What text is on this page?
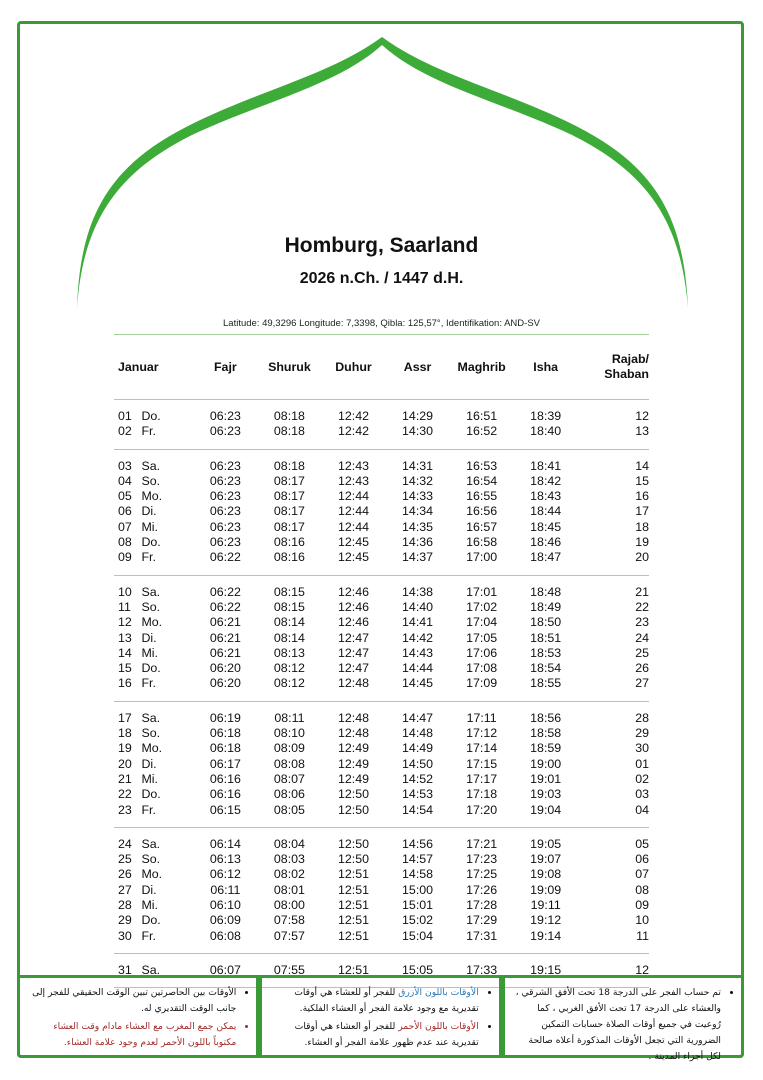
Homburg, Saarland
2026 n.Ch. / 1447 d.H.
Latitude: 49,3296 Longitude: 7,3398, Qibla: 125,57°, Identifikation: AND-SV
Januar	Fajr	Shuruk	Duhur	Assr	Maghrib	Isha	Rajab/
Shaban

01 Do.	06:23	08:18	12:42	14:29	16:51	18:39	12
02 Fr.	06:23	08:18	12:42	14:30	16:52	18:40	13

03 Sa.	06:23	08:18	12:43	14:31	16:53	18:41	14
04 So.	06:23	08:17	12:43	14:32	16:54	18:42	15
05 Mo.	06:23	08:17	12:44	14:33	16:55	18:43	16
06 Di.	06:23	08:17	12:44	14:34	16:56	18:44	17
07 Mi.	06:23	08:17	12:44	14:35	16:57	18:45	18
08 Do.	06:23	08:16	12:45	14:36	16:58	18:46	19
09 Fr.	06:22	08:16	12:45	14:37	17:00	18:47	20

10 Sa.	06:22	08:15	12:46	14:38	17:01	18:48	21
11 So.	06:22	08:15	12:46	14:40	17:02	18:49	22
12 Mo.	06:21	08:14	12:46	14:41	17:04	18:50	23
13 Di.	06:21	08:14	12:47	14:42	17:05	18:51	24
14 Mi.	06:21	08:13	12:47	14:43	17:06	18:53	25
15 Do.	06:20	08:12	12:47	14:44	17:08	18:54	26
16 Fr.	06:20	08:12	12:48	14:45	17:09	18:55	27

17 Sa.	06:19	08:11	12:48	14:47	17:11	18:56	28
18 So.	06:18	08:10	12:48	14:48	17:12	18:58	29
19 Mo.	06:18	08:09	12:49	14:49	17:14	18:59	30
20 Di.	06:17	08:08	12:49	14:50	17:15	19:00	01
21 Mi.	06:16	08:07	12:49	14:52	17:17	19:01	02
22 Do.	06:16	08:06	12:50	14:53	17:18	19:03	03
23 Fr.	06:15	08:05	12:50	14:54	17:20	19:04	04

24 Sa.	06:14	08:04	12:50	14:56	17:21	19:05	05
25 So.	06:13	08:03	12:50	14:57	17:23	19:07	06
26 Mo.	06:12	08:02	12:51	14:58	17:25	19:08	07
27 Di.	06:11	08:01	12:51	15:00	17:26	19:09	08
28 Mi.	06:10	08:00	12:51	15:01	17:28	19:11	09
29 Do.	06:09	07:58	12:51	15:02	17:29	19:12	10
30 Fr.	06:08	07:57	12:51	15:04	17:31	19:14	11

31 Sa.	06:07	07:55	12:51	15:05	17:33	19:15	12

• الأوقات بين الحاصرتين تبين الوقت الحقيقي للفجر إلى جانب الوقت التقديري له.
• يمكن جمع المغرب مع العشاء مادام وقت العشاء مكتوباً باللون الأحمر لعدم وجود علامة العشاء.
• الأوقات باللون الأزرق للفجر أو للعشاء هي أوقات تقديرية مع وجود علامة الفجر أو العشاء الفلكية.
• الأوقات باللون الأحمر للفجر أو العشاء هي أوقات تقديرية عند عدم ظهور علامة الفجر أو العشاء.
• تم حساب الفجر على الدرجة 18 تحت الأفق الشرقي ، والعشاء على الدرجة 17 تحت الأفق الغربي ، كما رُوعيت في جميع أوقات الصلاة حسابات التمكين الضرورية التي تجعل الأوقات المذكورة أعلاه صالحة لكل أجزاء المدينة .
